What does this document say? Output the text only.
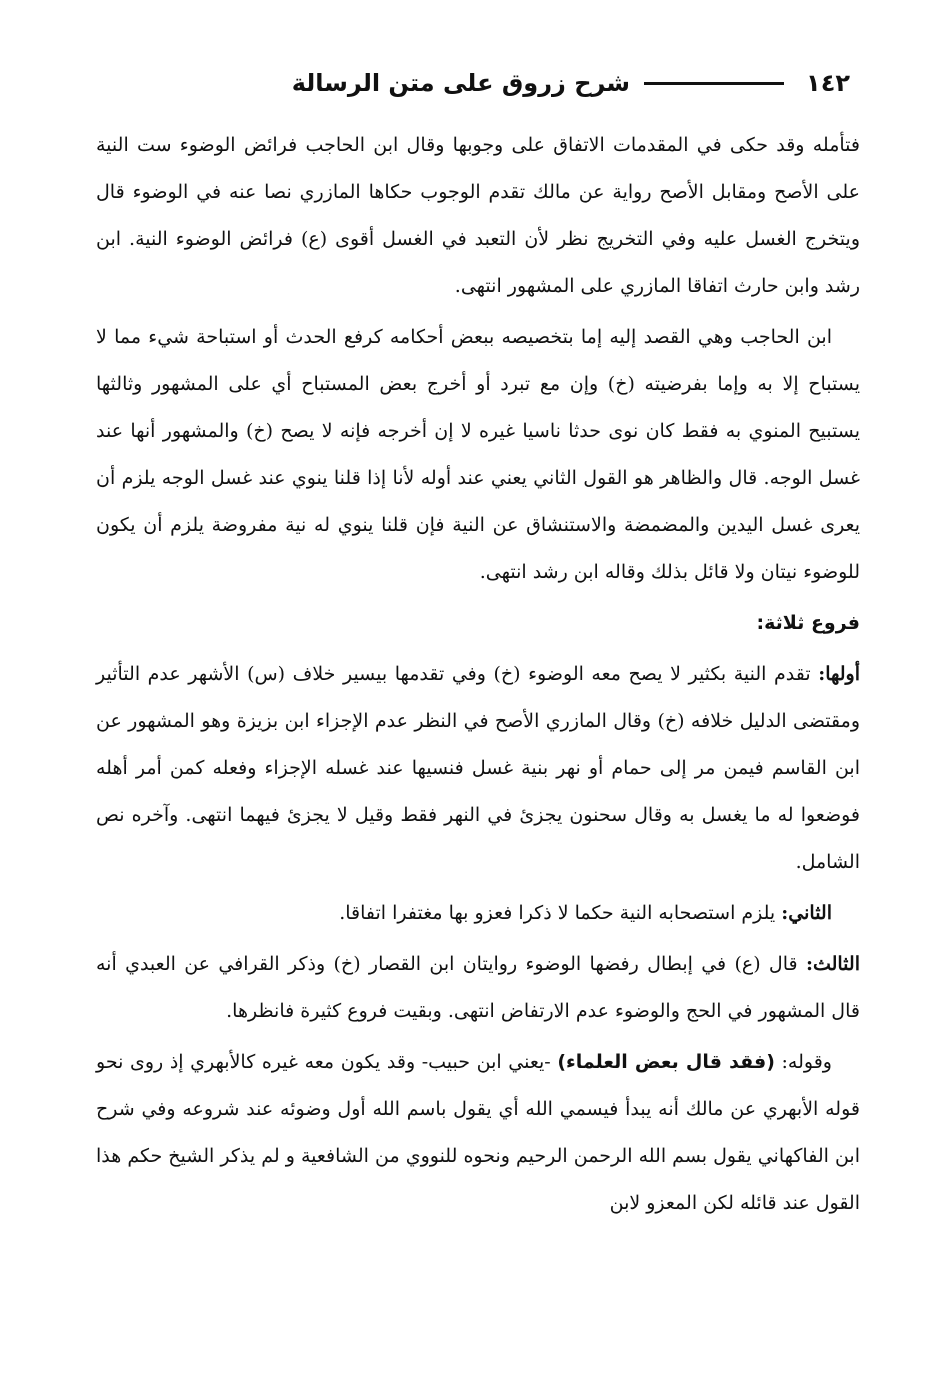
١٤٢
شرح زروق على متن الرسالة

فتأمله وقد حكى في المقدمات الاتفاق على وجوبها وقال ابن الحاجب فرائض الوضوء ست النية على الأصح ومقابل الأصح رواية عن مالك تقدم الوجوب حكاها المازري نصا عنه في الوضوء قال ويتخرج الغسل عليه وفي التخريج نظر لأن التعبد في الغسل أقوى (ع) فرائض الوضوء النية. ابن رشد وابن حارث اتفاقا المازري على المشهور انتهى.

ابن الحاجب وهي القصد إليه إما بتخصيصه ببعض أحكامه كرفع الحدث أو استباحة شيء مما لا يستباح إلا به وإما بفرضيته (خ) وإن مع تبرد أو أخرج بعض المستباح أي على المشهور وثالثها يستبيح المنوي به فقط كان نوى حدثا ناسيا غيره لا إن أخرجه فإنه لا يصح (خ) والمشهور أنها عند غسل الوجه. قال والظاهر هو القول الثاني يعني عند أوله لأنا إذا قلنا ينوي عند غسل الوجه يلزم أن يعرى غسل اليدين والمضمضة والاستنشاق عن النية فإن قلنا ينوي له نية مفروضة يلزم أن يكون للوضوء نيتان ولا قائل بذلك وقاله ابن رشد انتهى.

فروع ثلاثة:

أولها: تقدم النية بكثير لا يصح معه الوضوء (خ) وفي تقدمها بيسير خلاف (س) الأشهر عدم التأثير ومقتضى الدليل خلافه (خ) وقال المازري الأصح في النظر عدم الإجزاء ابن بزيزة وهو المشهور عن ابن القاسم فيمن مر إلى حمام أو نهر بنية غسل فنسيها عند غسله الإجزاء وفعله كمن أمر أهله فوضعوا له ما يغسل به وقال سحنون يجزئ في النهر فقط وقيل لا يجزئ فيهما انتهى. وآخره نص الشامل.

الثاني: يلزم استصحابه النية حكما لا ذكرا فعزو بها مغتفرا اتفاقا.

الثالث: قال (ع) في إبطال رفضها الوضوء روايتان ابن القصار (خ) وذكر القرافي عن العبدي أنه قال المشهور في الحج والوضوء عدم الارتفاض انتهى. وبقيت فروع كثيرة فانظرها.

وقوله: (فقد قال بعض العلماء) -يعني ابن حبيب- وقد يكون معه غيره كالأبهري إذ روى نحو قوله الأبهري عن مالك أنه يبدأ فيسمي الله أي يقول باسم الله أول وضوئه عند شروعه وفي شرح ابن الفاكهاني يقول بسم الله الرحمن الرحيم ونحوه للنووي من الشافعية و لم يذكر الشيخ حكم هذا القول عند قائله لكن المعزو لابن
